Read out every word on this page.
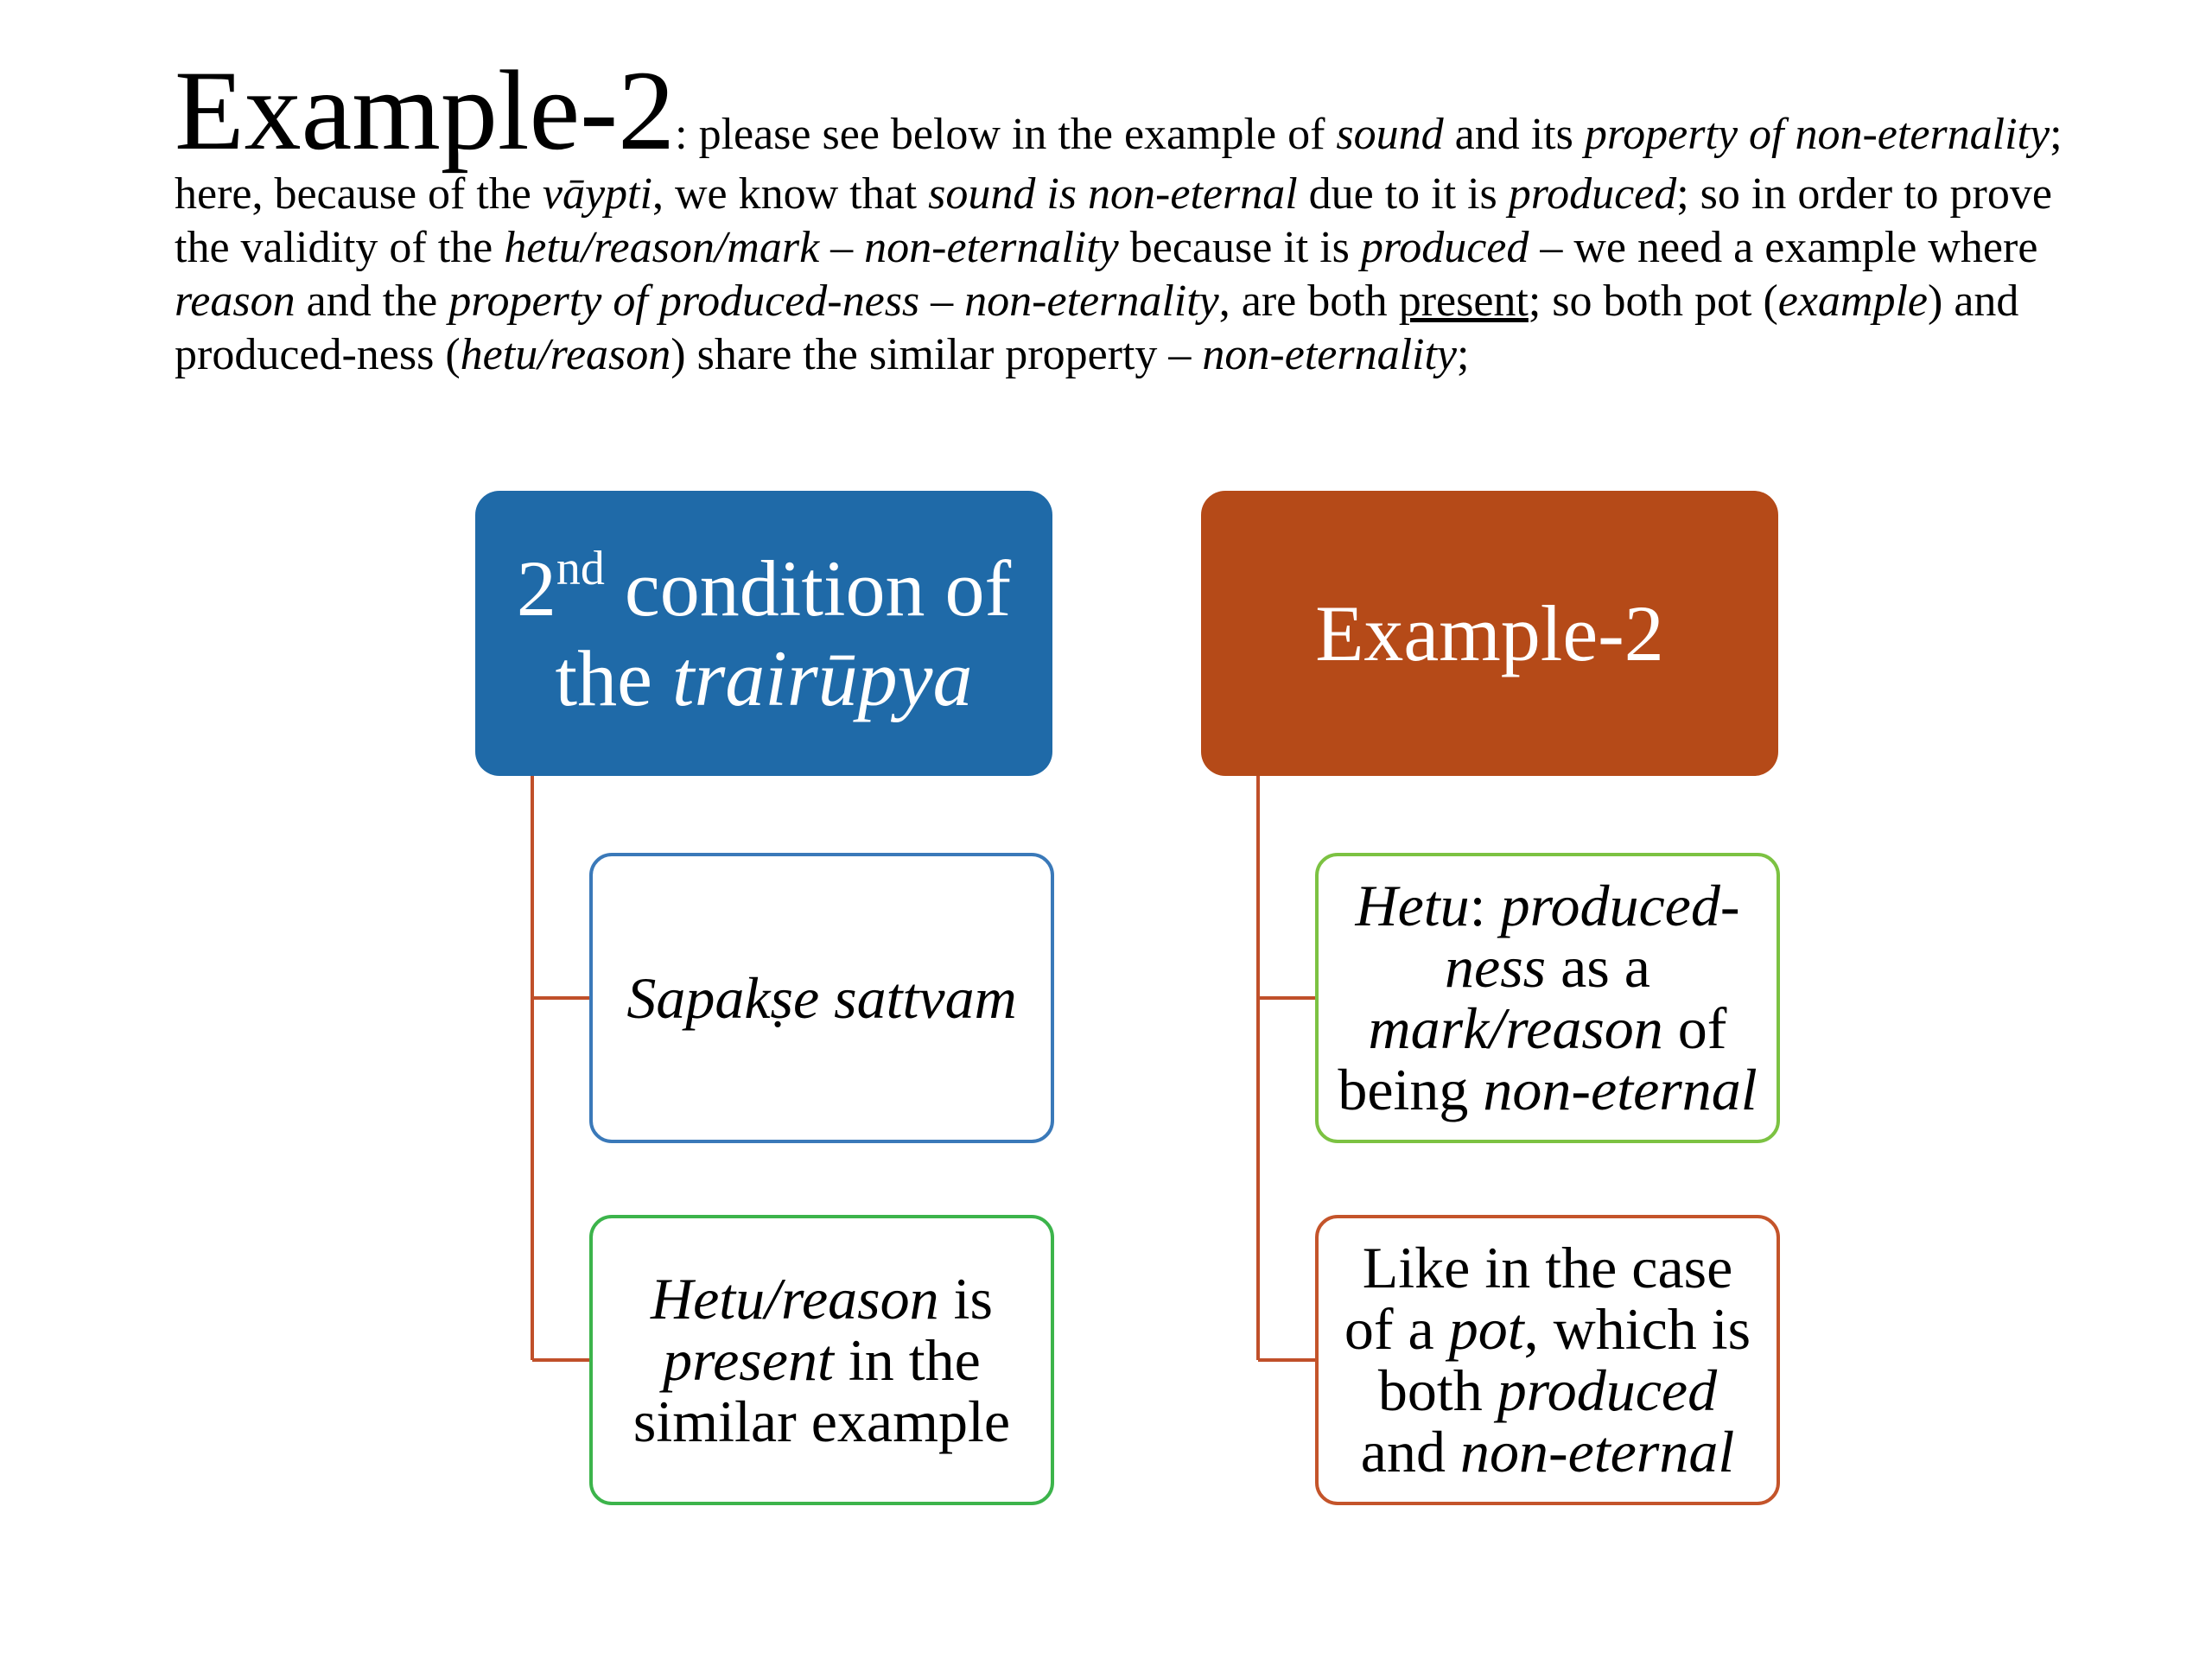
Example-2: please see below in the example of sound and its property of non-eternality; here, because of the vāypti, we know that sound is non-eternal due to it is produced; so in order to prove the validity of the hetu/reason/mark – non-eternality because it is produced – we need a example where reason and the property of produced-ness – non-eternality, are both present; so both pot (example) and produced-ness (hetu/reason) share the similar property – non-eternality;

2nd condition of
the trairūpya
Example-2
Sapakṣe sattvam
Hetu/reason is present in the similar example
Hetu: produced-ness as a mark/reason of being non-eternal
Like in the case of a pot, which is both produced and non-eternal
